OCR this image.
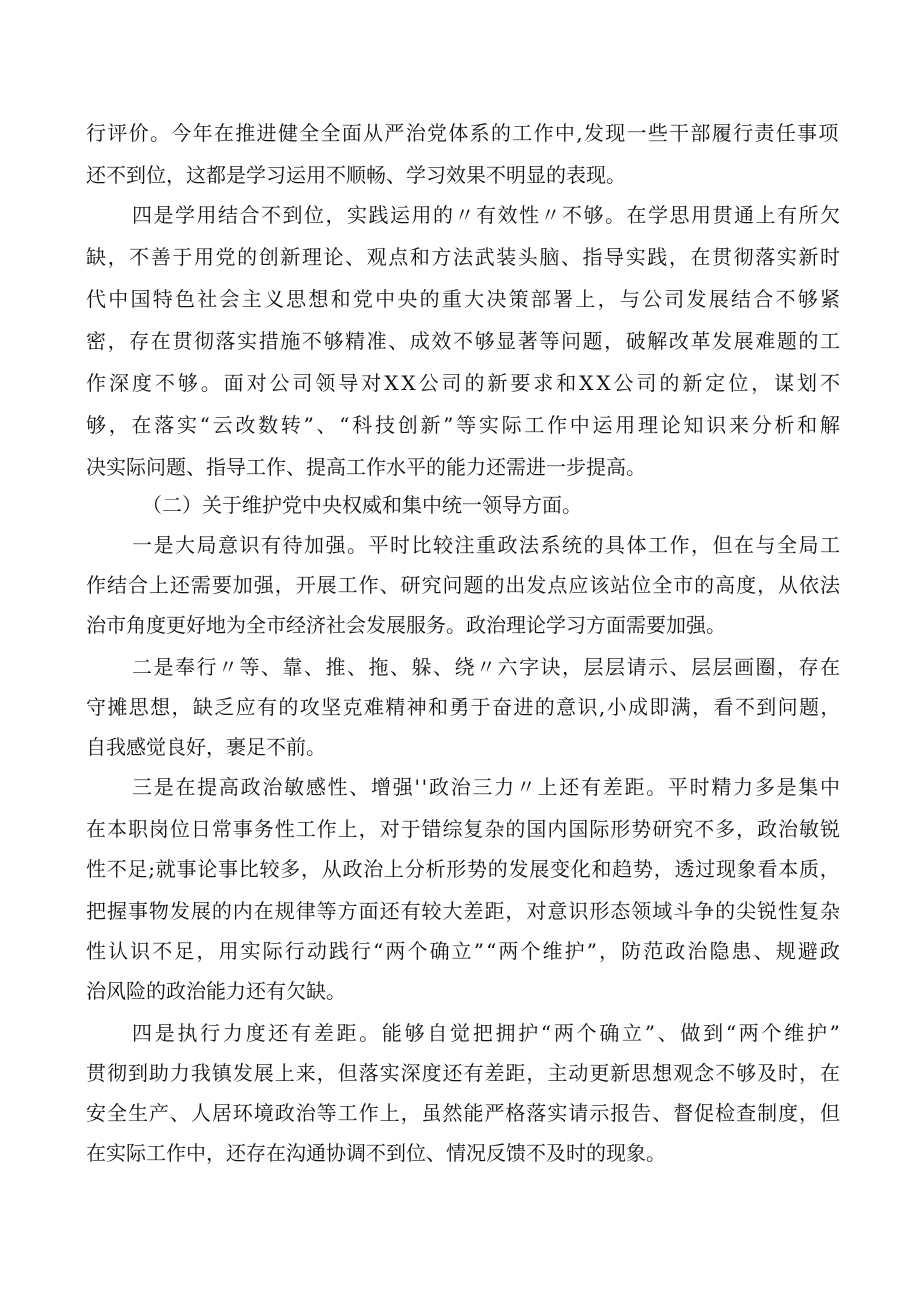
行评价。今年在推进健全全面从严治党体系的工作中,发现一些干部履行责任事项

还不到位，这都是学习运用不顺畅、学习效果不明显的表现。

四是学用结合不到位，实践运用的〃有效性〃不够。在学思用贯通上有所欠

缺，不善于用党的创新理论、观点和方法武装头脑、指导实践，在贯彻落实新时

代中国特色社会主义思想和党中央的重大决策部署上，与公司发展结合不够紧

密，存在贯彻落实措施不够精准、成效不够显著等问题，破解改革发展难题的工

作深度不够。面对公司领导对XX公司的新要求和XX公司的新定位，谋划不

够，在落实“云改数转”、“科技创新”等实际工作中运用理论知识来分析和解

决实际问题、指导工作、提高工作水平的能力还需进一步提高。

（二）关于维护党中央权威和集中统一领导方面。

一是大局意识有待加强。平时比较注重政法系统的具体工作，但在与全局工

作结合上还需要加强，开展工作、研究问题的出发点应该站位全市的高度，从依法

治市角度更好地为全市经济社会发展服务。政治理论学习方面需要加强。

二是奉行〃等、靠、推、拖、躲、绕〃六字诀，层层请示、层层画圈，存在

守摊思想，缺乏应有的攻坚克难精神和勇于奋进的意识,小成即满，看不到问题，

自我感觉良好，裹足不前。

三是在提高政治敏感性、增强''政治三力〃上还有差距。平时精力多是集中

在本职岗位日常事务性工作上，对于错综复杂的国内国际形势研究不多，政治敏锐

性不足;就事论事比较多，从政治上分析形势的发展变化和趋势，透过现象看本质，

把握事物发展的内在规律等方面还有较大差距，对意识形态领域斗争的尖锐性复杂

性认识不足，用实际行动践行“两个确立”“两个维护”，防范政治隐患、规避政

治风险的政治能力还有欠缺。

四是执行力度还有差距。能够自觉把拥护“两个确立”、做到“两个维护”

贯彻到助力我镇发展上来，但落实深度还有差距，主动更新思想观念不够及时，在

安全生产、人居环境政治等工作上，虽然能严格落实请示报告、督促检查制度，但

在实际工作中，还存在沟通协调不到位、情况反馈不及时的现象。
